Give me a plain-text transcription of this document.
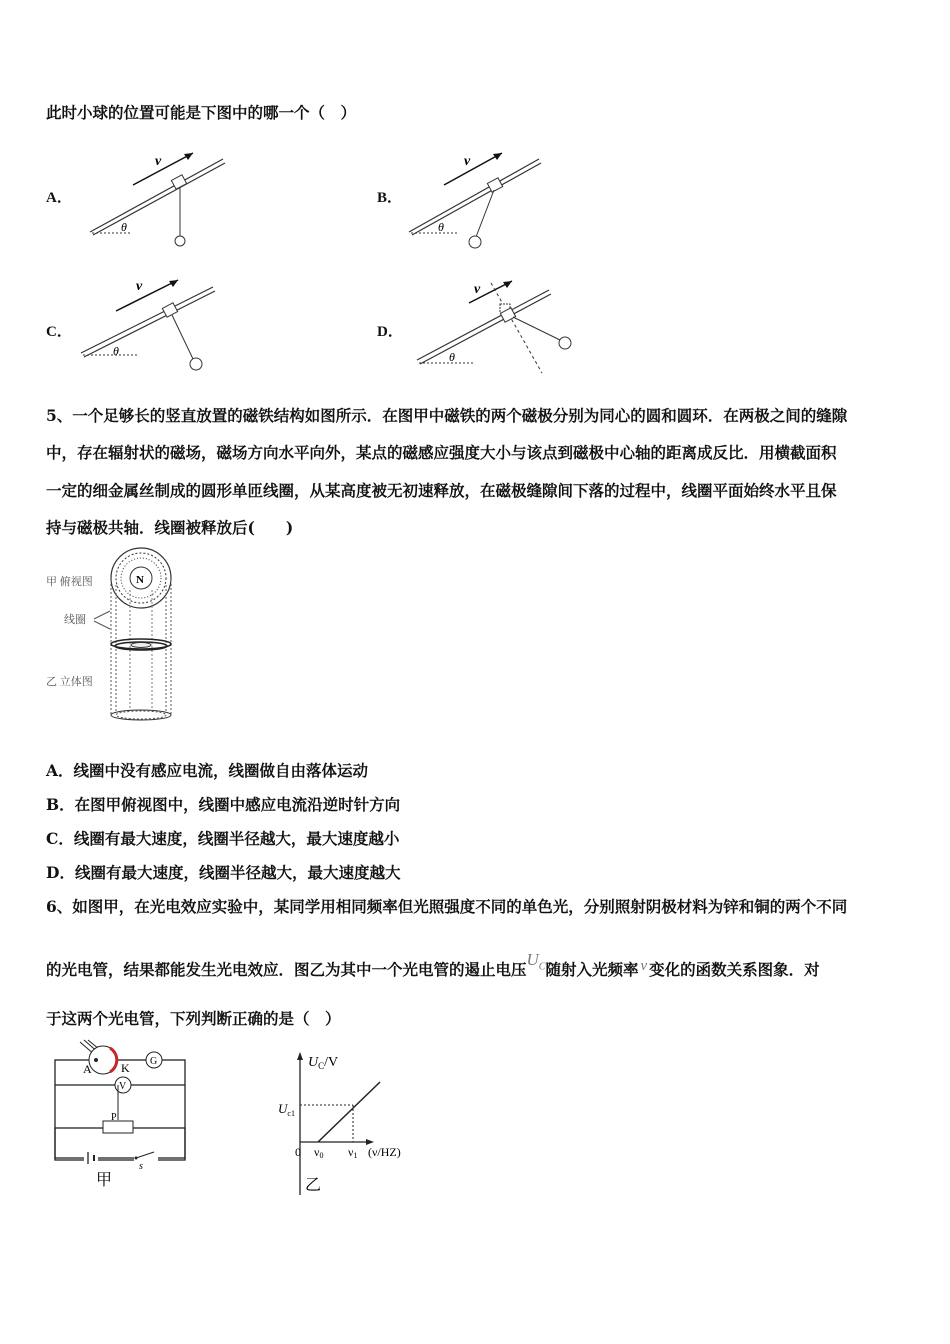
此时小球的位置可能是下图中的哪一个（　）
A．
θ
v
B．
θ
v
C．
θ
v
D．
θ
v
5、一个足够长的竖直放置的磁铁结构如图所示．在图甲中磁铁的两个磁极分别为同心的圆和圆环．在两极之间的缝隙
中，存在辐射状的磁场，磁场方向水平向外，某点的磁感应强度大小与该点到磁极中心轴的距离成反比．用横截面积
一定的细金属丝制成的圆形单匝线圈，从某高度被无初速释放，在磁极缝隙间下落的过程中，线圈平面始终水平且保
持与磁极共轴．线圈被释放后(　　)
甲 俯视图
线圈
乙 立体图
N
A．线圈中没有感应电流，线圈做自由落体运动
B．在图甲俯视图中，线圈中感应电流沿逆时针方向
C．线圈有最大速度，线圈半径越大，最大速度越小
D．线圈有最大速度，线圈半径越大，最大速度越大
6、如图甲，在光电效应实验中，某同学用相同频率但光照强度不同的单色光，分别照射阴极材料为锌和铜的两个不同
的光电管，结果都能发生光电效应．图乙为其中一个光电管的遏止电压$U_C$随射入光频率 ν 变化的函数关系图象．对
于这两个光电管，下列判断正确的是（　）
G
V
A K
P
s
甲
$U_C/V$
$U_{c1}$
0 ν0 ν1 (ν/HZ)
乙
